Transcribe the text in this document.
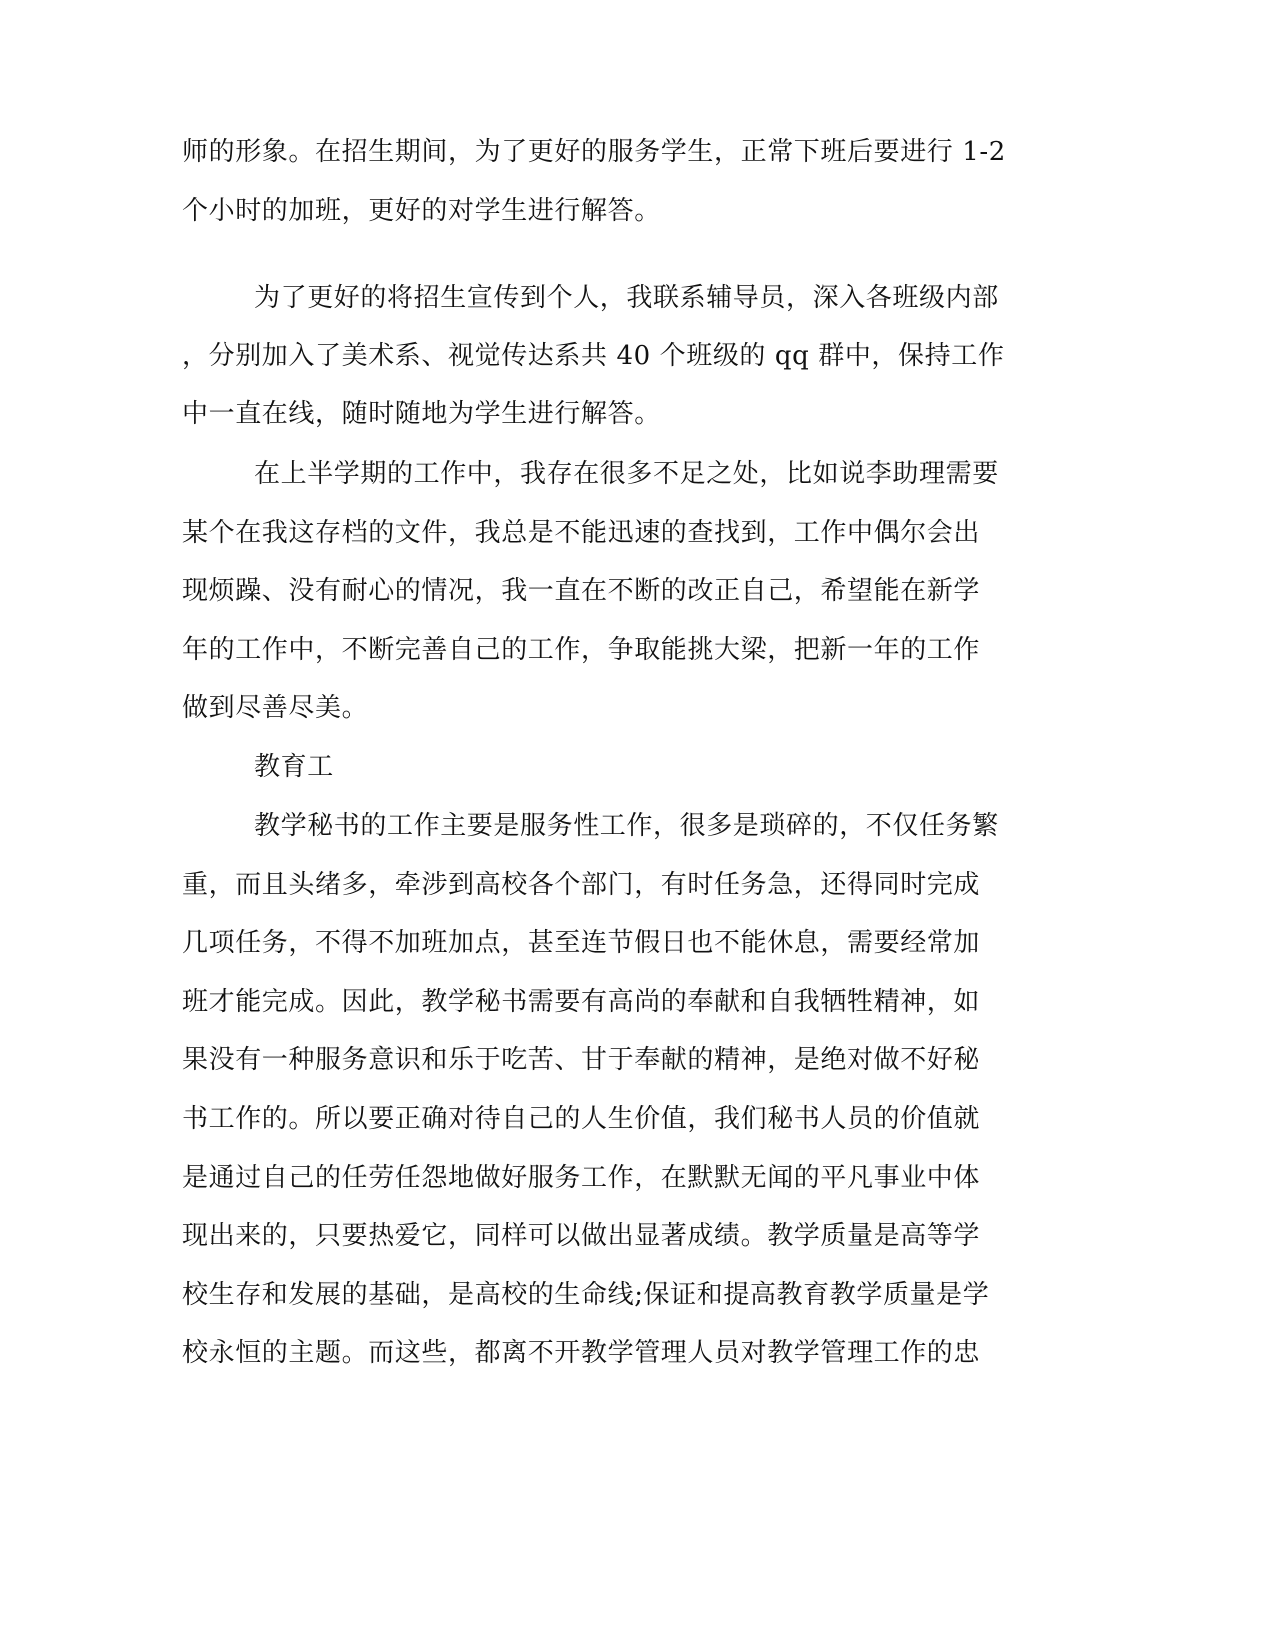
师的形象。在招生期间，为了更好的服务学生，正常下班后要进行 1-2
个小时的加班，更好的对学生进行解答。
为了更好的将招生宣传到个人，我联系辅导员，深入各班级内部
，分别加入了美术系、视觉传达系共 40 个班级的 qq 群中，保持工作
中一直在线，随时随地为学生进行解答。
在上半学期的工作中，我存在很多不足之处，比如说李助理需要
某个在我这存档的文件，我总是不能迅速的查找到，工作中偶尔会出
现烦躁、没有耐心的情况，我一直在不断的改正自己，希望能在新学
年的工作中，不断完善自己的工作，争取能挑大梁，把新一年的工作
做到尽善尽美。
教育工
教学秘书的工作主要是服务性工作，很多是琐碎的，不仅任务繁
重，而且头绪多，牵涉到高校各个部门，有时任务急，还得同时完成
几项任务，不得不加班加点，甚至连节假日也不能休息，需要经常加
班才能完成。因此，教学秘书需要有高尚的奉献和自我牺牲精神，如
果没有一种服务意识和乐于吃苦、甘于奉献的精神，是绝对做不好秘
书工作的。所以要正确对待自己的人生价值，我们秘书人员的价值就
是通过自己的任劳任怨地做好服务工作，在默默无闻的平凡事业中体
现出来的，只要热爱它，同样可以做出显著成绩。教学质量是高等学
校生存和发展的基础，是高校的生命线;保证和提高教育教学质量是学
校永恒的主题。而这些，都离不开教学管理人员对教学管理工作的忠
